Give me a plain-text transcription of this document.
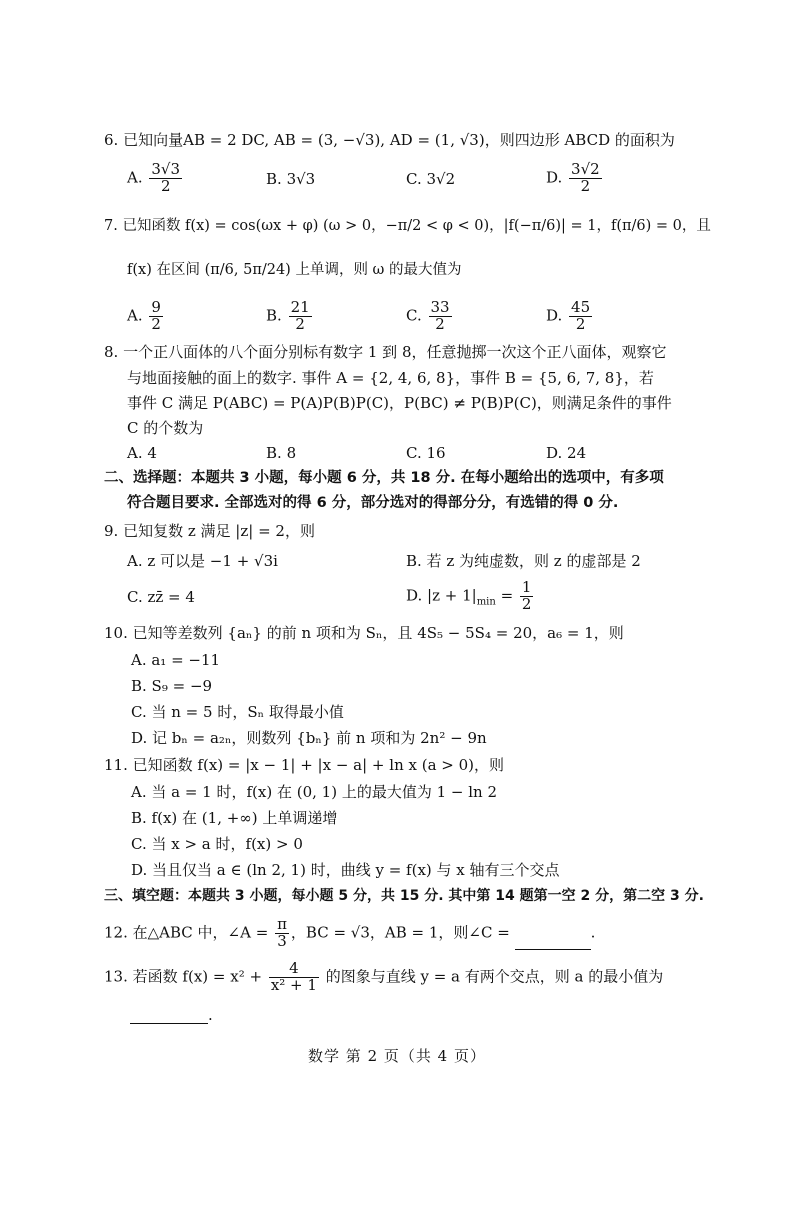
6. 已知向量AB = 2 DC, AB = (3, −√3), AD = (1, √3)，则四边形 ABCD 的面积为
A. $\frac{3√3}{2}$	B. 3√3	C. 3√2	D. $\frac{3√2}{2}$
7. 已知函数 f(x) = cos(ωx + φ) (ω > 0，−π/2 < φ < 0)，|f(−π/6)| = 1，f(π/6) = 0，且
f(x) 在区间 (π/6, 5π/24) 上单调，则 ω 的最大值为
A. $\frac{9}{2}$	B. $\frac{21}{2}$	C. $\frac{33}{2}$	D. $\frac{45}{2}$
8. 一个正八面体的八个面分别标有数字 1 到 8，任意抛掷一次这个正八面体，观察它
与地面接触的面上的数字. 事件 A = {2, 4, 6, 8}，事件 B = {5, 6, 7, 8}，若
事件 C 满足 P(ABC) = P(A)P(B)P(C)，P(BC) ≠ P(B)P(C)，则满足条件的事件
C 的个数为
A. 4	B. 8	C. 16	D. 24
二、选择题：本题共 3 小题，每小题 6 分，共 18 分. 在每小题给出的选项中，有多项
符合题目要求. 全部选对的得 6 分，部分选对的得部分分，有选错的得 0 分.
9. 已知复数 z 满足 |z| = 2，则
A. z 可以是 −1 + √3i	B. 若 z 为纯虚数，则 z 的虚部是 2
C. zz̄ = 4	D. $|z + 1|_{min} = \frac{1}{2}$
10. 已知等差数列 {aₙ} 的前 n 项和为 Sₙ，且 4S₅ − 5S₄ = 20，a₆ = 1，则
A. a₁ = −11
B. S₉ = −9
C. 当 n = 5 时，Sₙ 取得最小值
D. 记 bₙ = a₂ₙ，则数列 {bₙ} 前 n 项和为 2n² − 9n
11. 已知函数 f(x) = |x − 1| + |x − a| + ln x (a > 0)，则
A. 当 a = 1 时，f(x) 在 (0, 1) 上的最大值为 1 − ln 2
B. f(x) 在 (1, +∞) 上单调递增
C. 当 x > a 时，f(x) > 0
D. 当且仅当 a ∈ (ln 2, 1) 时，曲线 y = f(x) 与 x 轴有三个交点
三、填空题：本题共 3 小题，每小题 5 分，共 15 分. 其中第 14 题第一空 2 分，第二空 3 分.
12. 在△ABC 中，∠A = $\frac{\pi}{3}$ ，BC = √3，AB = 1，则∠C =	.
13. 若函数 $f(x) = x^2 + \frac{4}{\text{x² + 1}}$ 的图象与直线 y = a 有两个交点，则 a 的最小值为
.
数学 第 2 页（共 4 页）
